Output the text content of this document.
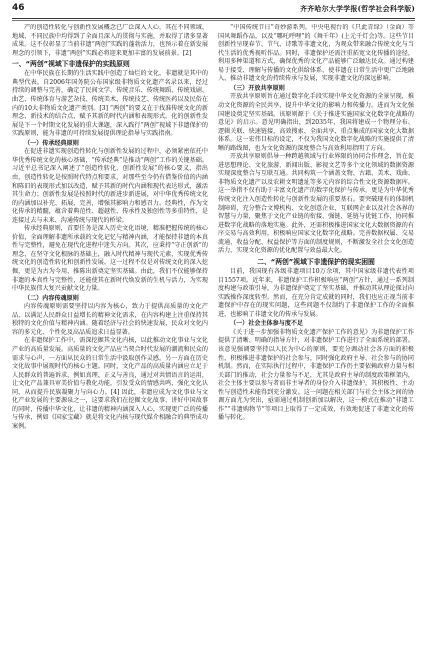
46	齐齐哈尔大学学报(哲学社会科学版)
产的创造性转化与创新性发展概念已广泛深入人心，其在不同领域、地域、不同民族中均得到了全面且深入的贯彻与实施，并取得了诸多显著成果。这不仅彰显了当前非遗“两创”实践的蓬勃活力，也预示着在新发展理念的引领下，非遗“两创”实践必将迎来更加丰富的发展前景。[2]
一、“两创”视域下非遗保护的实践原则
在中华民族在长期的生活实践中创造了灿烂的文化，非遗就是其中的典型代表。自2006年国务院公布国家级非物质文化遗产名录以来，经过持续的调整与完善，确定了民间文学、传统音乐、传统舞蹈、传统戏剧、曲艺、传统体育与游艺杂技、传统美术、传统技艺、传统医药以及民俗在内的10大非物质文化遗产类别。[3] “两创”的要义在于找准传统文化的新理念、新技术的结合点，赋予其新的时代内涵和表现形式。化的创新性发展是下一个时期文化发展的重大课题，深入践行“两创”视域下非遗保护的实践原则，能为非遗的可持续发展提供理论指导与实践指南。
（一）传承经典原则
在促进非遗实现创造性转化与创新性发展的过程中，必须紧密依托中华优秀传统文化的核心基础，“传承经典”是推动“两创”工作的关键基础。习近平总书记深入阐述了“创造性转化、创新性发展”的核心要义，指出由，创造性转化是按照时代特点和要求，对那些至今仍有借鉴价值的内涵和陈旧的表现形式加以改造，赋予其新的时代内涵和现代表达形式，激活其生命力；创新性发展是按照时代的新进步新进展，对中华优秀传统文化的内涵加以补充、拓展、完善，增强其影响力和感召力。经典性，作为文化传承的精髓，蕴含着典范性、超越性、传承性及独创性等多重特性，是连接过去与未来、沟通传统与现代的桥梁。
传承经典原则，首要任务是深入历史文化语境，精准把握传统的核心价值，全面理解非遗所承载的文化记忆与精神内涵，才能保持非遗的本真性与完整性，避免在现代化进程中迷失方向。其次，应秉持“守正创新”的理念，在坚守文化根脉的基础上，融入时代精神与现代元素，实现优秀传统文化的创造性转化和创新性发展。这一过程不仅是对传统文化的深入挖掘，更是为古为今用、推陈出新奠定坚实基础。由此，我们不仅能够保持非遗的本真性与完整性，还能使其在新时代焕发新的生机与活力，为实现中华民族伟大复兴贡献文化力量。
（二）内容传魂原则
内容传魂原则需要坚持以内容为核心，致力于提供高质量的文化产品，以满足人民群众日益增长的精神文化需求，在内容构建上注重保持其独特的文化价值与精神内涵。随着经济与社会的快速发展，民众对文化内容的多元化、个性化及高品质追求日益显著。
在非遗保护工作中，需深挖掘其文化内核，以此推动文化事业与文化产业的高质量发展。高质量的文化产品应当契合时代发展的潮流和民众的需求与心声，一方面从民众的日常生活中汲取创作灵感，另一方面在历史文化故事中展现时代的核心主题。同时，文化产品的高质量内涵应立足于人民群众的普遍诉求，例如真理、正义与善良，通过对共情语言的运用，让文化产品兼具审美价值与教化功能，引发受众的情感共鸣，强化文化认同，从而提升民族凝聚力与向心力。[4] 因此，非遗应成为文化事业与文化产业发展的主要源泉之一，这要求我们在挖掘文化故事、讲好中国故事的同时，传播中华文化，让非遗的精神内涵深入人心，实现更广泛的传播与传承，例如《国家宝藏》就是将文化内核与现代媒介相融合的典型成功案例。
“中国传统节日”奇妙游系列，中央电视台的《只此青绿》（金面）等国风舞蹈作品，以及“哪吒呼哩”的《舞千年》(上元千灯会)等。这些节目创新性呈现春节、节气、诗歌等非遗文化，为观众带来融合传统文化与当代生活的优秀视听作品。同时，非遗保护还需注重拓宽文化传播的途径，利用多种渠道和方式，确保优秀的文化产品能够广泛触达民众。通过构建易于接受、理解与传播的文化供给体系，使非遗在日常生活中更广泛地融入，推动非遗文化的持续传承与发展，实现非遗文化的深远影响。
（三）开放共享原则
开放共享原则旨在通过数字化手段实现中华文化资源的全景呈现，推动文化资源的全民共享，提升中华文化的影响力和传播力。进而为文化强国建设奠定坚实基础。该原则源于《关于推进实施国家文化数字化战略的意见》的启示。意见明确指出，到2035年，我国将建成一个物理分布、逻辑关联、快速链接、高效搜索、全面共享、重点集成的国家文化大数据体系。这一宏伟目标的设定，不仅为我国文化数字化战略的实施提供了清晰的路线图，也为文化资源的深度整合与高效利用指明了方向。
开放共享原则倡导一种跨越领域与行业界限的协同合作理念，旨在促进思想理论、文化旅游、新闻出版、影视文艺等多个文化领域的数据资源实现深度整合与互联互通。共同构筑一个涵盖文物、古籍、美术、戏曲、非物质文化遗产以及农耕文明遗址等多元内容的综合性文化资源数据库。这一举措不仅有助于丰富文化遗产的数字化保护与传承，更是为中华优秀传统文化注入创造性转化与创新性发展的重要基石。要突破现有的体制机制障碍，充分整合文博机构、文化创意企业、互联网企业以及社会各界的智慧与力量，聚焦于文化产业链的衔接、强链、延链与优链工作，协同推进数字化战略的落地实施。此外，还需积极推进国家文化大数据资源的有序交易与高效利用，积极响应国家文化数字化战略。完善数据权属、交易流通、收益分配、权益保护等方面的制度规则，不断激发全社会文化创造活力，实现文化资源的优化配置与效益最大化。
二、“两创”视域下非遗保护的现实困囿
目前，我国现有各级非遗项目10万余项，其中国家级非遗代表性项目1557项。近年来，非遗保护工作积极响应“两创”方针，通过一系列制度构建与政策引导，为非遗保护奠定了坚实基础，并推动其从理论探讨向实践操作深度转型。然而，在充分肯定成就的同时，我们也应正视当前非遗保护中存在的现实问题，这些问题不仅制约了非遗保护工作的全面推进，也影响了非遗文化的传承与发展。
（一）社会主体参与度不足
《关于进一步加强非物质文化遗产保护工作的意见》为非遗保护工作提供了清晰、明确的指导方针，对非遗保护工作进行了全面系统的部署。该意见强调要坚持以人民为中心的原则，要充分调动社会各方面的积极性，积极推进非遗保护的社会参与，同时强化政府主导、社会参与的协同机制。然而，在实际执行过程中，非遗保护工作仍主要依赖政府力量与相关部门的推动，社会力量参与不足，尤其是政府主导的制度政策框架内，社会主体主要以参与者而非主导者的身份介入非遗保护，其积极性、主动性与创造性未能得到充分激发。这一问题在相关部门与社会主体之间的协调方面尤为突出，亟需通过机制创新加以解决，这一模式在推动“非遗工作”“非遗购物节”等项目上取得了一定成效，有效地促进了非遗文化的传播与转化。
